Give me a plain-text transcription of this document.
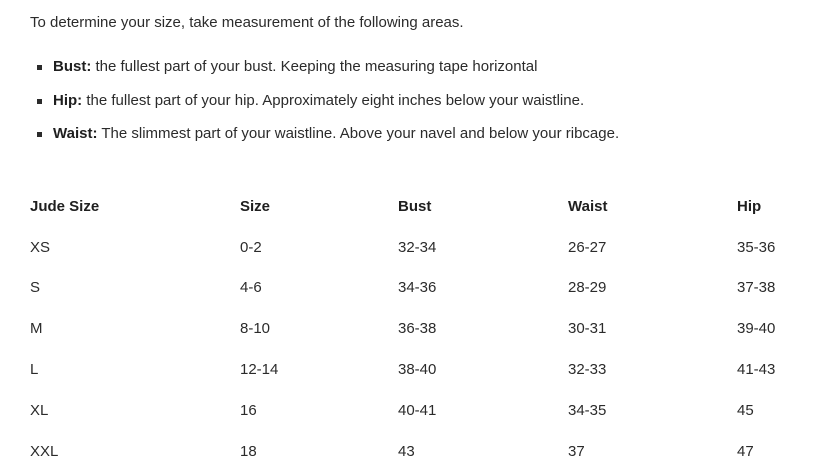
To determine your size, take measurement of the following areas.

Bust: the fullest part of your bust. Keeping the measuring tape horizontal
Hip: the fullest part of your hip. Approximately eight inches below your waistline.
Waist: The slimmest part of your waistline. Above your navel and below your ribcage.
Jude Size	Size	Bust	Waist	Hip
XS	0-2	32-34	26-27	35-36
S	4-6	34-36	28-29	37-38
M	8-10	36-38	30-31	39-40
L	12-14	38-40	32-33	41-43
XL	16	40-41	34-35	45
XXL	18	43	37	47
